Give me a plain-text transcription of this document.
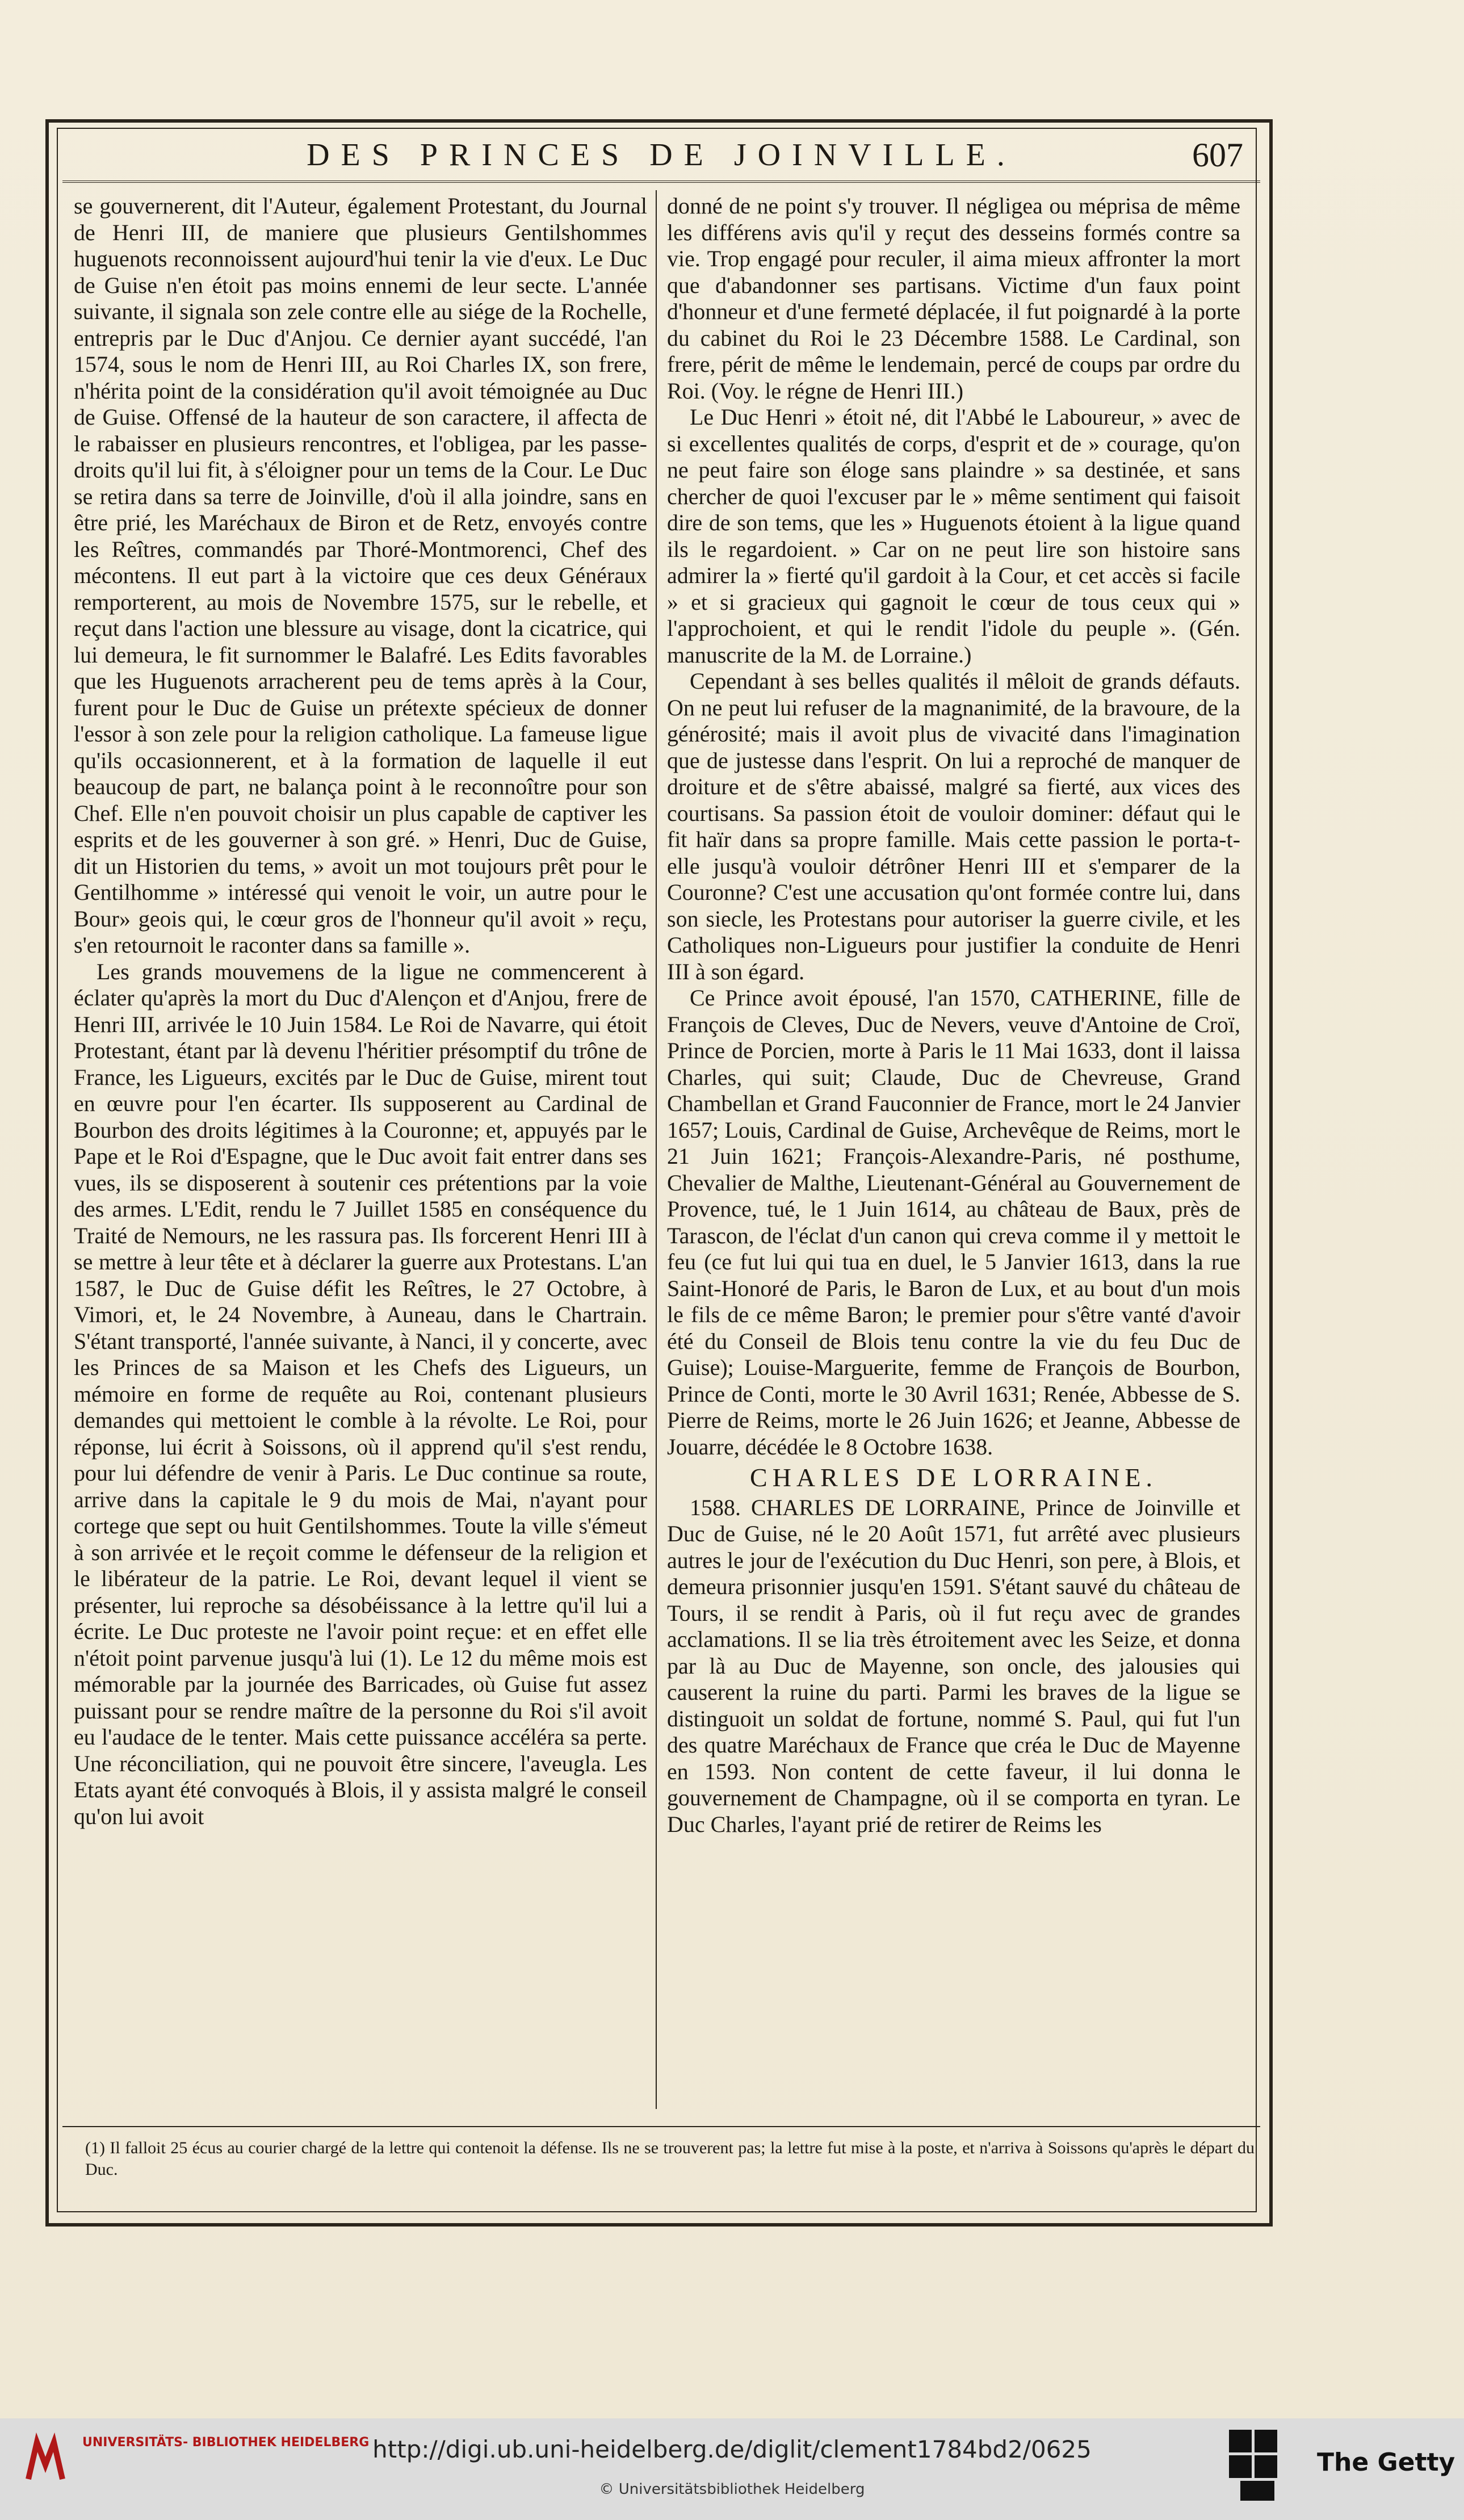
DES PRINCES DE JOINVILLE.	607

se gouvernerent, dit l'Auteur, également Protestant, du Journal de Henri III, de maniere que plusieurs Gentilshommes huguenots reconnoissent aujourd'hui tenir la vie d'eux. Le Duc de Guise n'en étoit pas moins ennemi de leur secte. L'année suivante, il signala son zele contre elle au siége de la Rochelle, entrepris par le Duc d'Anjou. Ce dernier ayant succédé, l'an 1574, sous le nom de Henri III, au Roi Charles IX, son frere, n'hérita point de la considération qu'il avoit témoignée au Duc de Guise. Offensé de la hauteur de son caractere, il affecta de le rabaisser en plusieurs rencontres, et l'obligea, par les passe-droits qu'il lui fit, à s'éloigner pour un tems de la Cour. Le Duc se retira dans sa terre de Joinville, d'où il alla joindre, sans en être prié, les Maréchaux de Biron et de Retz, envoyés contre les Reîtres, commandés par Thoré-Montmorenci, Chef des mécontens. Il eut part à la victoire que ces deux Généraux remporterent, au mois de Novembre 1575, sur le rebelle, et reçut dans l'action une blessure au visage, dont la cicatrice, qui lui demeura, le fit surnommer le Balafré. Les Edits favorables que les Huguenots arracherent peu de tems après à la Cour, furent pour le Duc de Guise un prétexte spécieux de donner l'essor à son zele pour la religion catholique. La fameuse ligue qu'ils occasionnerent, et à la formation de laquelle il eut beaucoup de part, ne balança point à le reconnoître pour son Chef. Elle n'en pouvoit choisir un plus capable de captiver les esprits et de les gouverner à son gré. » Henri, Duc de Guise, dit un Historien du tems, » avoit un mot toujours prêt pour le Gentilhomme » intéressé qui venoit le voir, un autre pour le Bour» geois qui, le cœur gros de l'honneur qu'il avoit » reçu, s'en retournoit le raconter dans sa famille ».

Les grands mouvemens de la ligue ne commencerent à éclater qu'après la mort du Duc d'Alençon et d'Anjou, frere de Henri III, arrivée le 10 Juin 1584. Le Roi de Navarre, qui étoit Protestant, étant par là devenu l'héritier présomptif du trône de France, les Ligueurs, excités par le Duc de Guise, mirent tout en œuvre pour l'en écarter. Ils supposerent au Cardinal de Bourbon des droits légitimes à la Couronne; et, appuyés par le Pape et le Roi d'Espagne, que le Duc avoit fait entrer dans ses vues, ils se disposerent à soutenir ces prétentions par la voie des armes. L'Edit, rendu le 7 Juillet 1585 en conséquence du Traité de Nemours, ne les rassura pas. Ils forcerent Henri III à se mettre à leur tête et à déclarer la guerre aux Protestans. L'an 1587, le Duc de Guise défit les Reîtres, le 27 Octobre, à Vimori, et, le 24 Novembre, à Auneau, dans le Chartrain. S'étant transporté, l'année suivante, à Nanci, il y concerte, avec les Princes de sa Maison et les Chefs des Ligueurs, un mémoire en forme de requête au Roi, contenant plusieurs demandes qui mettoient le comble à la révolte. Le Roi, pour réponse, lui écrit à Soissons, où il apprend qu'il s'est rendu, pour lui défendre de venir à Paris. Le Duc continue sa route, arrive dans la capitale le 9 du mois de Mai, n'ayant pour cortege que sept ou huit Gentilshommes. Toute la ville s'émeut à son arrivée et le reçoit comme le défenseur de la religion et le libérateur de la patrie. Le Roi, devant lequel il vient se présenter, lui reproche sa désobéissance à la lettre qu'il lui a écrite. Le Duc proteste ne l'avoir point reçue: et en effet elle n'étoit point parvenue jusqu'à lui (1). Le 12 du même mois est mémorable par la journée des Barricades, où Guise fut assez puissant pour se rendre maître de la personne du Roi s'il avoit eu l'audace de le tenter. Mais cette puissance accéléra sa perte. Une réconciliation, qui ne pouvoit être sincere, l'aveugla. Les Etats ayant été convoqués à Blois, il y assista malgré le conseil qu'on lui avoit

donné de ne point s'y trouver. Il négligea ou méprisa de même les différens avis qu'il y reçut des desseins formés contre sa vie. Trop engagé pour reculer, il aima mieux affronter la mort que d'abandonner ses partisans. Victime d'un faux point d'honneur et d'une fermeté déplacée, il fut poignardé à la porte du cabinet du Roi le 23 Décembre 1588. Le Cardinal, son frere, périt de même le lendemain, percé de coups par ordre du Roi. (Voy. le régne de Henri III.)

Le Duc Henri » étoit né, dit l'Abbé le Laboureur, » avec de si excellentes qualités de corps, d'esprit et de » courage, qu'on ne peut faire son éloge sans plaindre » sa destinée, et sans chercher de quoi l'excuser par le » même sentiment qui faisoit dire de son tems, que les » Huguenots étoient à la ligue quand ils le regardoient. » Car on ne peut lire son histoire sans admirer la » fierté qu'il gardoit à la Cour, et cet accès si facile » et si gracieux qui gagnoit le cœur de tous ceux qui » l'approchoient, et qui le rendit l'idole du peuple ». (Gén. manuscrite de la M. de Lorraine.)

Cependant à ses belles qualités il mêloit de grands défauts. On ne peut lui refuser de la magnanimité, de la bravoure, de la générosité; mais il avoit plus de vivacité dans l'imagination que de justesse dans l'esprit. On lui a reproché de manquer de droiture et de s'être abaissé, malgré sa fierté, aux vices des courtisans. Sa passion étoit de vouloir dominer: défaut qui le fit haïr dans sa propre famille. Mais cette passion le porta-t-elle jusqu'à vouloir détrôner Henri III et s'emparer de la Couronne? C'est une accusation qu'ont formée contre lui, dans son siecle, les Protestans pour autoriser la guerre civile, et les Catholiques non-Ligueurs pour justifier la conduite de Henri III à son égard.

Ce Prince avoit épousé, l'an 1570, CATHERINE, fille de François de Cleves, Duc de Nevers, veuve d'Antoine de Croï, Prince de Porcien, morte à Paris le 11 Mai 1633, dont il laissa Charles, qui suit; Claude, Duc de Chevreuse, Grand Chambellan et Grand Fauconnier de France, mort le 24 Janvier 1657; Louis, Cardinal de Guise, Archevêque de Reims, mort le 21 Juin 1621; François-Alexandre-Paris, né posthume, Chevalier de Malthe, Lieutenant-Général au Gouvernement de Provence, tué, le 1 Juin 1614, au château de Baux, près de Tarascon, de l'éclat d'un canon qui creva comme il y mettoit le feu (ce fut lui qui tua en duel, le 5 Janvier 1613, dans la rue Saint-Honoré de Paris, le Baron de Lux, et au bout d'un mois le fils de ce même Baron; le premier pour s'être vanté d'avoir été du Conseil de Blois tenu contre la vie du feu Duc de Guise); Louise-Marguerite, femme de François de Bourbon, Prince de Conti, morte le 30 Avril 1631; Renée, Abbesse de S. Pierre de Reims, morte le 26 Juin 1626; et Jeanne, Abbesse de Jouarre, décédée le 8 Octobre 1638.

CHARLES DE LORRAINE.

1588. CHARLES DE LORRAINE, Prince de Joinville et Duc de Guise, né le 20 Août 1571, fut arrêté avec plusieurs autres le jour de l'exécution du Duc Henri, son pere, à Blois, et demeura prisonnier jusqu'en 1591. S'étant sauvé du château de Tours, il se rendit à Paris, où il fut reçu avec de grandes acclamations. Il se lia très étroitement avec les Seize, et donna par là au Duc de Mayenne, son oncle, des jalousies qui causerent la ruine du parti. Parmi les braves de la ligue se distinguoit un soldat de fortune, nommé S. Paul, qui fut l'un des quatre Maréchaux de France que créa le Duc de Mayenne en 1593. Non content de cette faveur, il lui donna le gouvernement de Champagne, où il se comporta en tyran. Le Duc Charles, l'ayant prié de retirer de Reims les

(1) Il falloit 25 écus au courier chargé de la lettre qui contenoit la défense. Ils ne se trouverent pas; la lettre fut mise à la poste, et n'arriva à Soissons qu'après le départ du Duc.
UNIVERSITÄTS- BIBLIOTHEK HEIDELBERG http://digi.ub.uni-heidelberg.de/diglit/clement1784bd2/0625
© Universitätsbibliothek Heidelberg
The Getty
